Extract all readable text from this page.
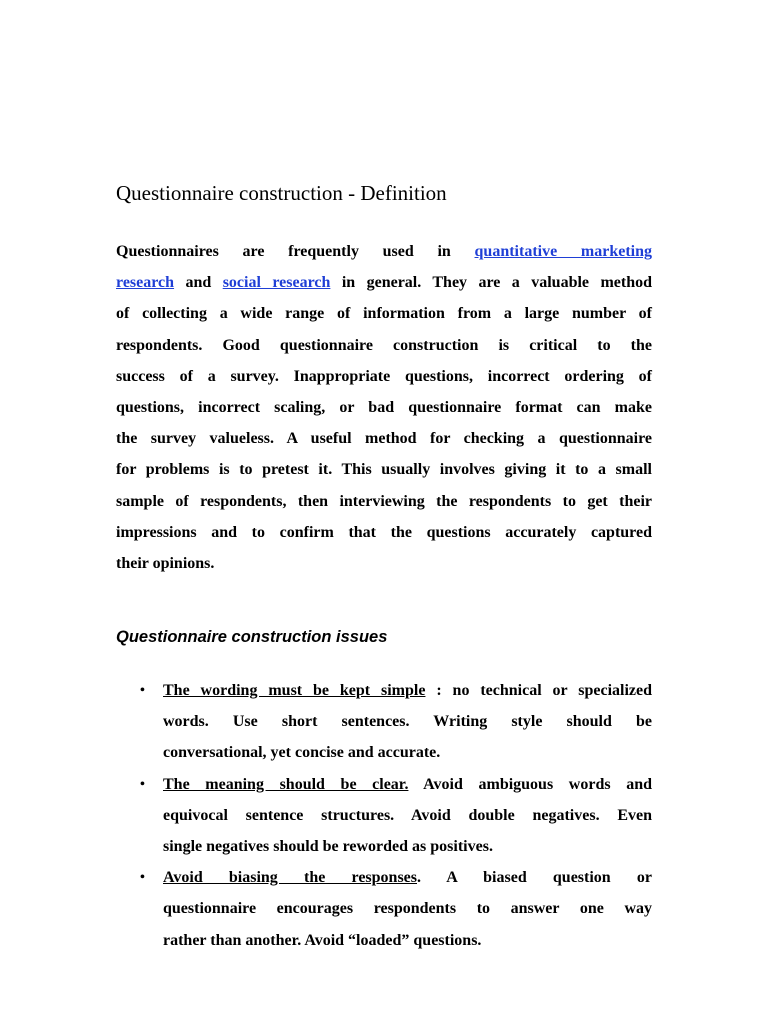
Questionnaire construction - Definition
Questionnaires are frequently used in quantitative marketing
research and social research in general. They are a valuable method
of collecting a wide range of information from a large number of
respondents. Good questionnaire construction is critical to the
success of a survey. Inappropriate questions, incorrect ordering of
questions, incorrect scaling, or bad questionnaire format can make
the survey valueless. A useful method for checking a questionnaire
for problems is to pretest it. This usually involves giving it to a small
sample of respondents, then interviewing the respondents to get their
impressions and to confirm that the questions accurately captured
their opinions.
Questionnaire construction issues
• The wording must be kept simple : no technical or specialized
words. Use short sentences. Writing style should be
conversational, yet concise and accurate.
• The meaning should be clear. Avoid ambiguous words and
equivocal sentence structures. Avoid double negatives. Even
single negatives should be reworded as positives.
• Avoid biasing the responses. A biased question or
questionnaire encourages respondents to answer one way
rather than another. Avoid “loaded” questions.
